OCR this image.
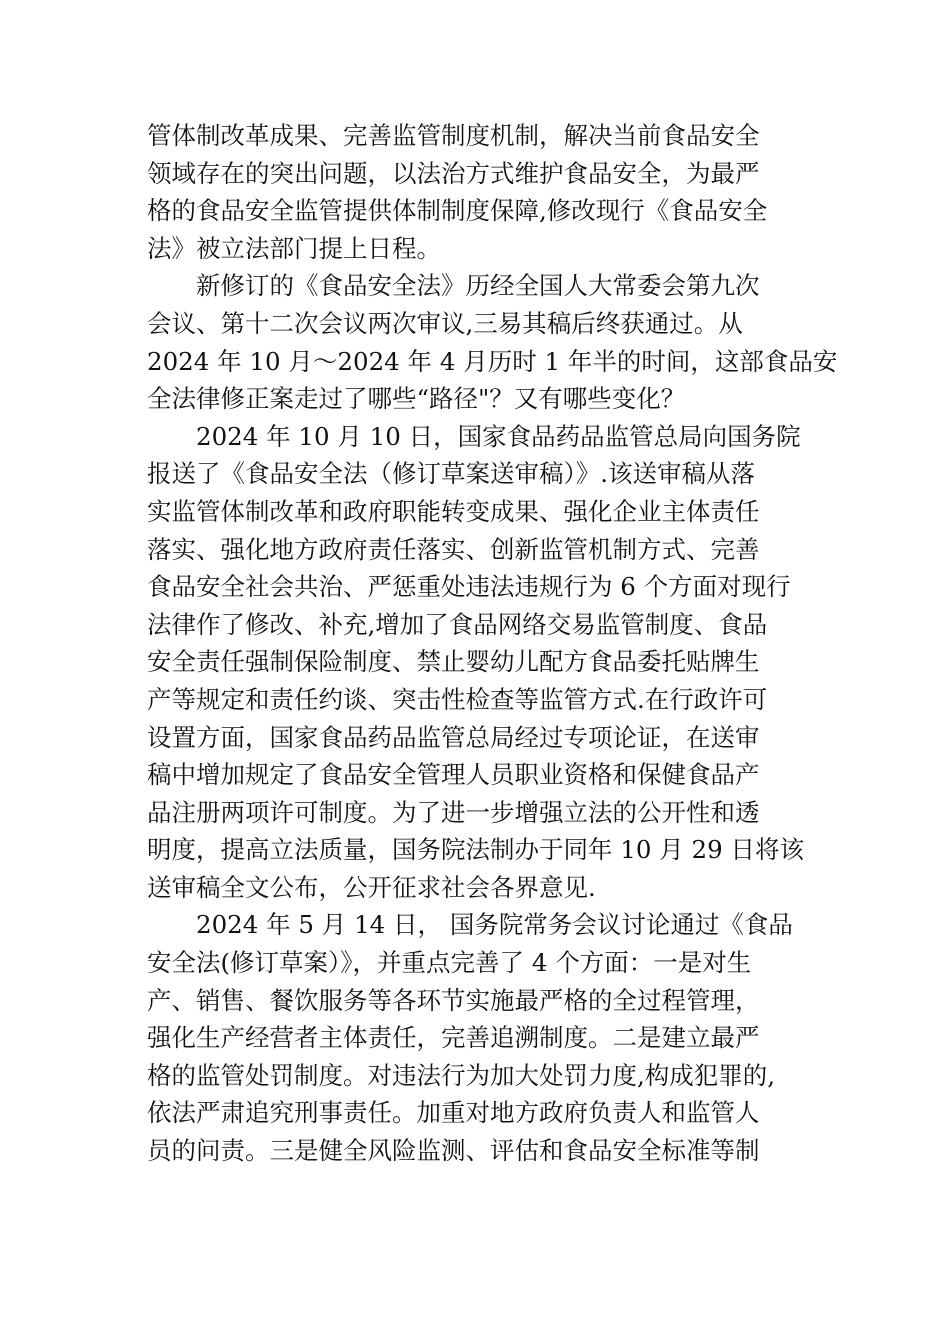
管体制改革成果、完善监管制度机制，解决当前食品安全
领域存在的突出问题，以法治方式维护食品安全，为最严
格的食品安全监管提供体制制度保障,修改现行《食品安全
法》被立法部门提上日程。
新修订的《食品安全法》历经全国人大常委会第九次
会议、第十二次会议两次审议,三易其稿后终获通过。从
2024 年 10 月～2024 年 4 月历时 1 年半的时间，这部食品安
全法律修正案走过了哪些“路径"？又有哪些变化？
2024 年 10 月 10 日，国家食品药品监管总局向国务院
报送了《食品安全法（修订草案送审稿）》.该送审稿从落
实监管体制改革和政府职能转变成果、强化企业主体责任
落实、强化地方政府责任落实、创新监管机制方式、完善
食品安全社会共治、严惩重处违法违规行为 6 个方面对现行
法律作了修改、补充,增加了食品网络交易监管制度、食品
安全责任强制保险制度、禁止婴幼儿配方食品委托贴牌生
产等规定和责任约谈、突击性检查等监管方式.在行政许可
设置方面，国家食品药品监管总局经过专项论证，在送审
稿中增加规定了食品安全管理人员职业资格和保健食品产
品注册两项许可制度。为了进一步增强立法的公开性和透
明度，提高立法质量，国务院法制办于同年 10 月 29 日将该
送审稿全文公布，公开征求社会各界意见.
2024 年 5 月 14 日， 国务院常务会议讨论通过《食品
安全法(修订草案）》，并重点完善了 4 个方面：一是对生
产、销售、餐饮服务等各环节实施最严格的全过程管理，
强化生产经营者主体责任，完善追溯制度。二是建立最严
格的监管处罚制度。对违法行为加大处罚力度,构成犯罪的,
依法严肃追究刑事责任。加重对地方政府负责人和监管人
员的问责。三是健全风险监测、评估和食品安全标准等制
